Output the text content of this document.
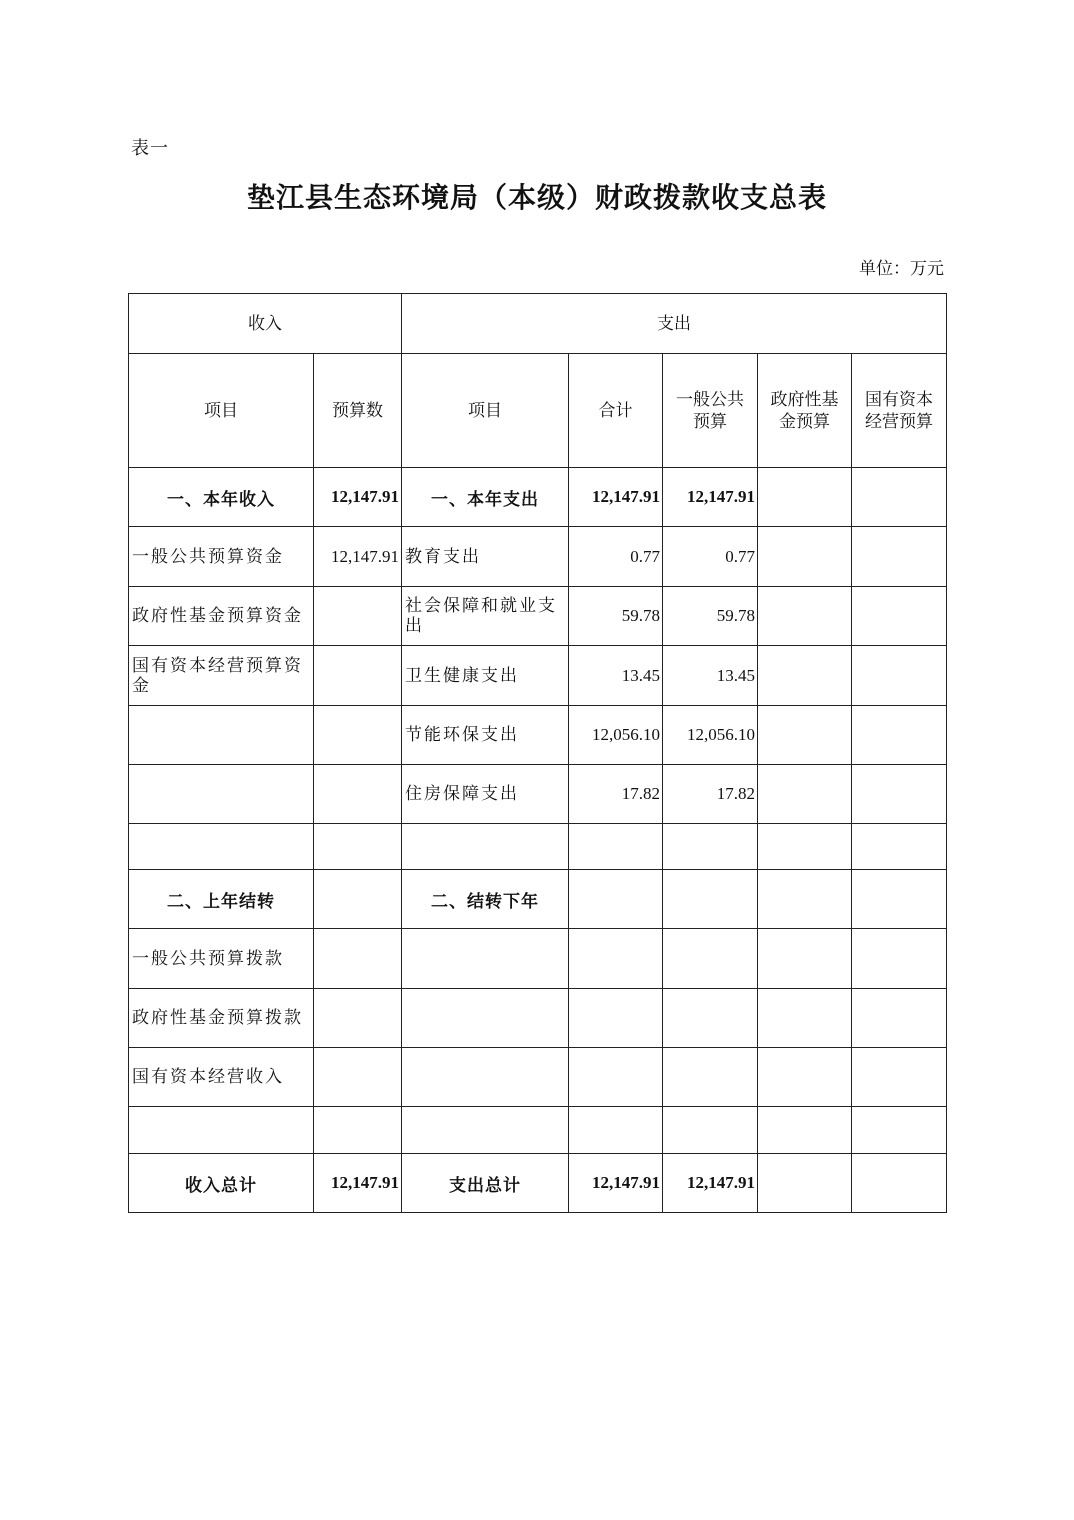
表一
垫江县生态环境局（本级）财政拨款收支总表
单位：万元
收入		支出				
项目	预算数	项目	合计	一般公共预算	政府性基金预算	国有资本经营预算
一、本年收入	12,147.91	一、本年支出	12,147.91	12,147.91		
一般公共预算资金	12,147.91	教育支出	0.77	0.77		
政府性基金预算资金		社会保障和就业支出	59.78	59.78		
国有资本经营预算资金		卫生健康支出	13.45	13.45		
		节能环保支出	12,056.10	12,056.10		
		住房保障支出	17.82	17.82		

二、上年结转		二、结转下年				
一般公共预算拨款						
政府性基金预算拨款						
国有资本经营收入						

收入总计	12,147.91	支出总计	12,147.91	12,147.91		
